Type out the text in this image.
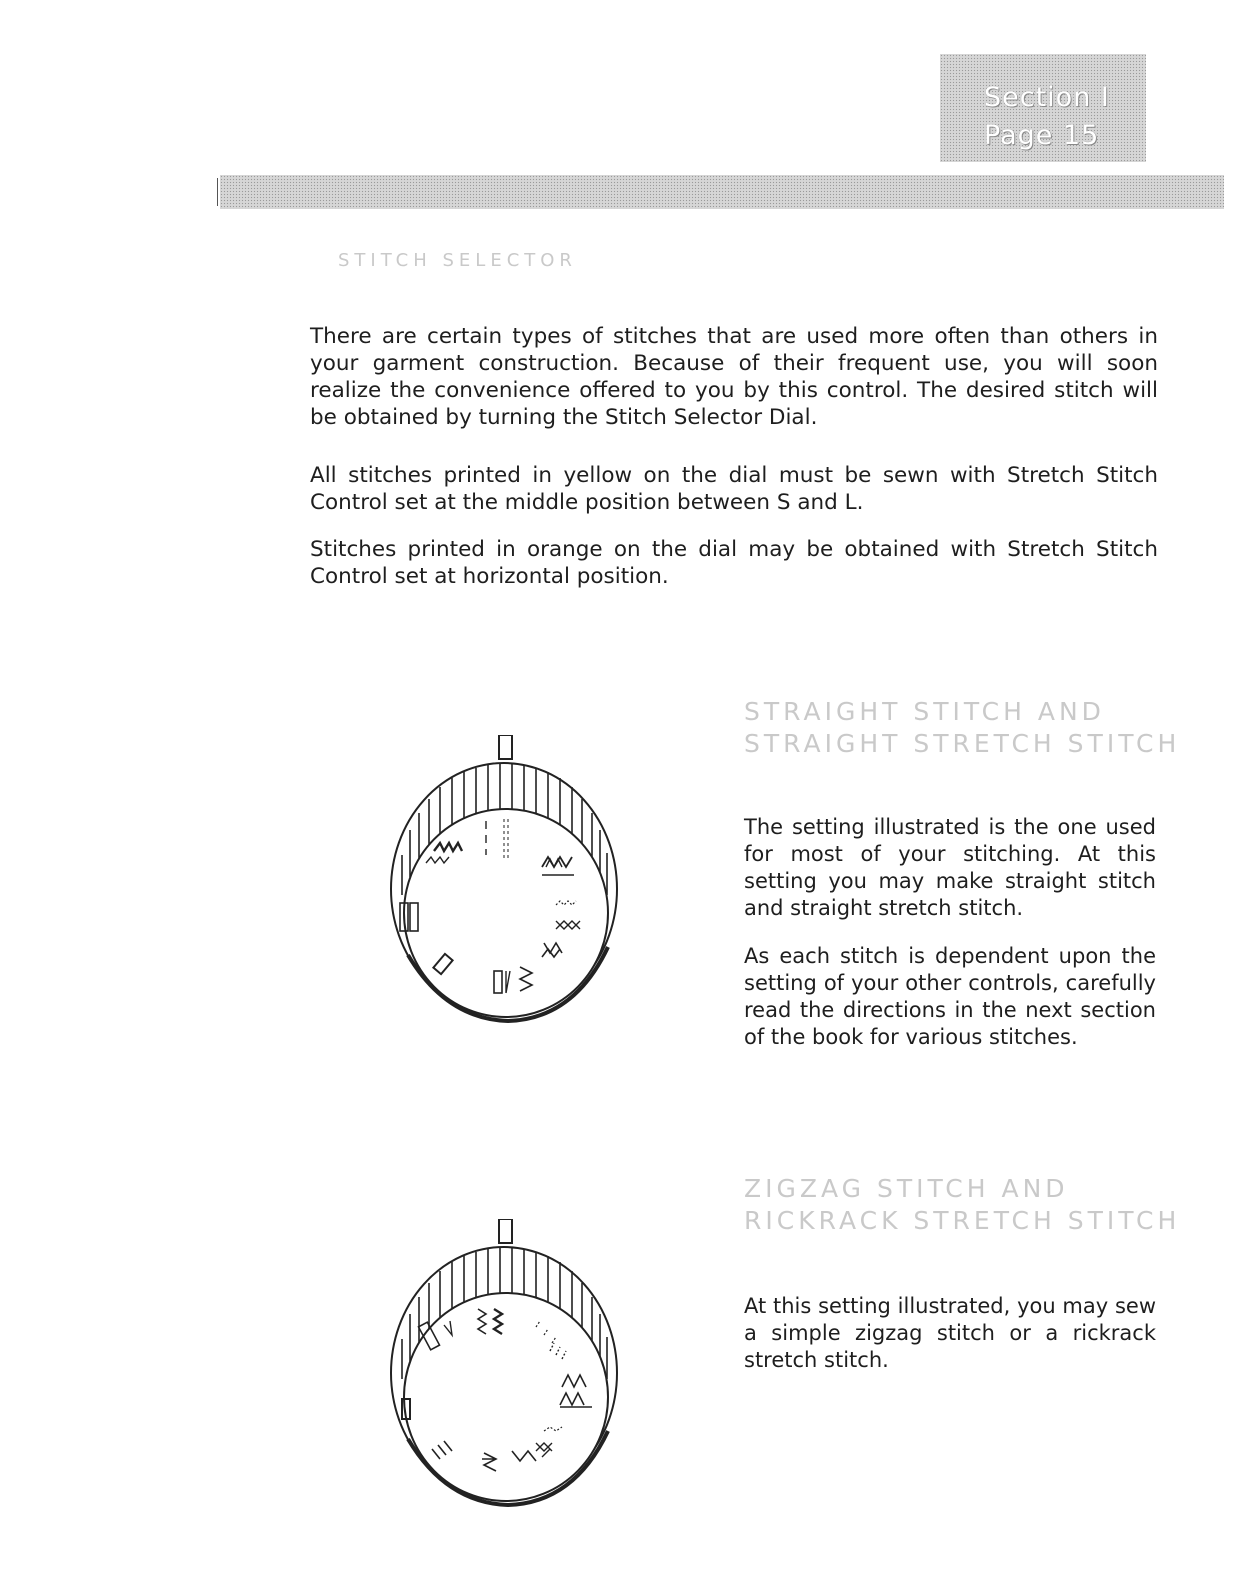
Section I
Page 15
STITCH SELECTOR

There are certain types of stitches that are used more often than others in your garment construction. Because of their frequent use, you will soon realize the convenience offered to you by this control. The desired stitch will be obtained by turning the Stitch Selector Dial.

All stitches printed in yellow on the dial must be sewn with Stretch Stitch Control set at the middle position between S and L.

Stitches printed in orange on the dial may be obtained with Stretch Stitch Control set at horizontal position.

STRAIGHT STITCH AND
STRAIGHT STRETCH STITCH

The setting illustrated is the one used for most of your stitching. At this setting you may make straight stitch and straight stretch stitch.

As each stitch is dependent upon the setting of your other controls, carefully read the directions in the next section of the book for various stitches.

ZIGZAG STITCH AND
RICKRACK STRETCH STITCH

At this setting illustrated, you may sew a simple zigzag stitch or a rickrack stretch stitch.
